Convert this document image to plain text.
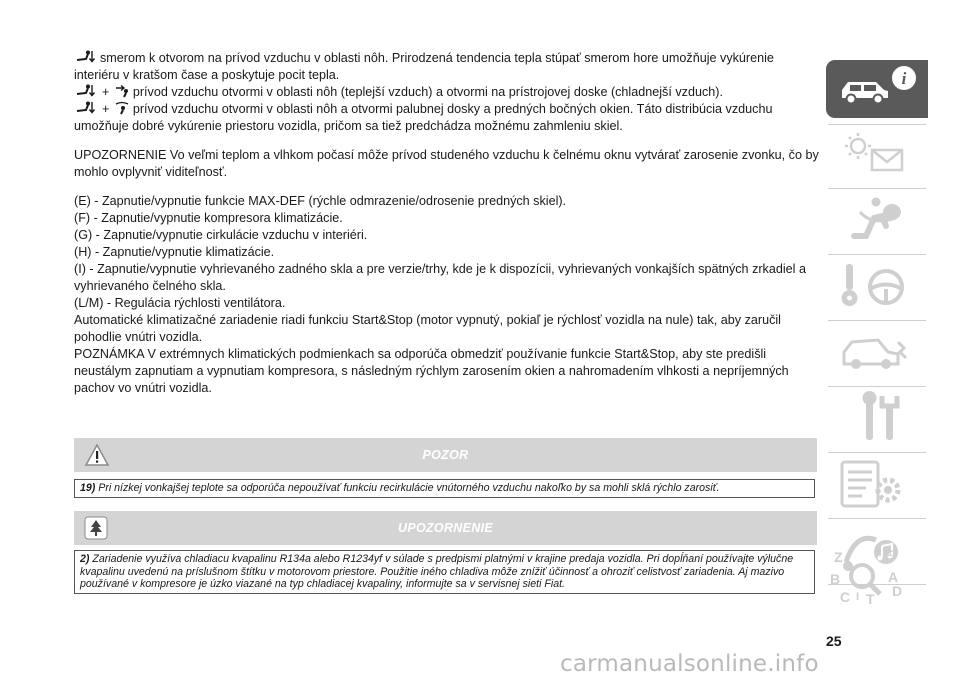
smerom k otvorom na prívod vzduchu v oblasti nôh. Prirodzená tendencia tepla stúpať smerom hore umožňuje vykúrenie interiéru v kratšom čase a poskytuje pocit tepla.

+ prívod vzduchu otvormi v oblasti nôh (teplejší vzduch) a otvormi na prístrojovej doske (chladnejší vzduch).

+ prívod vzduchu otvormi v oblasti nôh a otvormi palubnej dosky a predných bočných okien. Táto distribúcia vzduchu umožňuje dobré vykúrenie priestoru vozidla, pričom sa tiež predchádza možnému zahmleniu skiel.

UPOZORNENIE Vo veľmi teplom a vlhkom počasí môže prívod studeného vzduchu k čelnému oknu vytvárať zarosenie zvonku, čo by mohlo ovplyvniť viditeľnosť.

(E) - Zapnutie/vypnutie funkcie MAX-DEF (rýchle odmrazenie/odrosenie predných skiel).

(F) - Zapnutie/vypnutie kompresora klimatizácie.

(G) - Zapnutie/vypnutie cirkulácie vzduchu v interiéri.

(H) - Zapnutie/vypnutie klimatizácie.

(I) - Zapnutie/vypnutie vyhrievaného zadného skla a pre verzie/trhy, kde je k dispozícii, vyhrievaných vonkajších spätných zrkadiel a vyhrievaného čelného skla.

(L/M) - Regulácia rýchlosti ventilátora.

Automatické klimatizačné zariadenie riadi funkciu Start&Stop (motor vypnutý, pokiaľ je rýchlosť vozidla na nule) tak, aby zaručil pohodlie vnútri vozidla.

POZNÁMKA V extrémnych klimatických podmienkach sa odporúča obmedziť používanie funkcie Start&Stop, aby ste predišli neustálym zapnutiam a vypnutiam kompresora, s následným rýchlym zarosením okien a nahromadením vlhkosti a nepríjemných pachov vo vnútri vozidla.

POZOR
19) Pri nízkej vonkajšej teplote sa odporúča nepoužívať funkciu recirkulácie vnútorného vzduchu nakoľko by sa mohli sklá rýchlo zarosiť.
UPOZORNENIE
2) Zariadenie využíva chladiacu kvapalinu R134a alebo R1234yf v súlade s predpismi platnými v krajine predaja vozidla. Pri dopĺňaní používajte výlučne kvapalinu uvedenú na príslušnom štítku v motorovom priestore. Použitie iného chladiva môže znížiť účinnosť a ohroziť celistvosť zariadenia. Aj mazivo používané v kompresore je úzko viazané na typ chladiacej kvapaliny, informujte sa v servisnej sieti Fiat.
i
Z	E
B	A
C T D
I
25
carmanualsonline.info
